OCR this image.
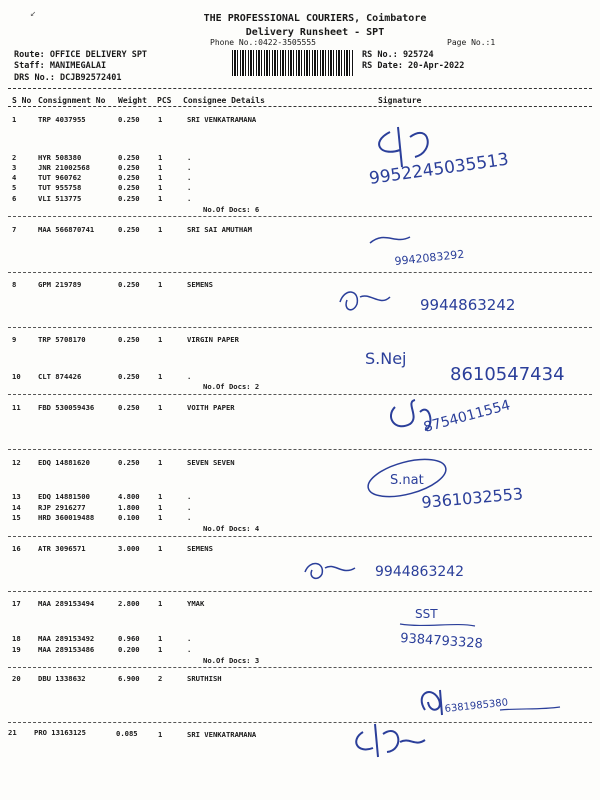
↙	THE PROFESSIONAL COURIERS, Coimbatore
Delivery Runsheet - SPT
Phone No.:0422-3505555	Page No.:1
Route: OFFICE DELIVERY SPT
Staff: MANIMEGALAI
DRS No.: DCJB92572401
RS No.: 925724
RS Date: 20-Apr-2022
S No Consignment No Weight PCS Consignee Details	Signature
1	TRP 4037955	0.250	1	SRI VENKATRAMANA
2	HYR 508380	0.250	1	.
3	JNR 21002568	0.250	1	.
4	TUT 960762	0.250	1	.
5	TUT 955758	0.250	1	.
6	VLI 513775	0.250	1	.
No.Of Docs: 6
7	MAA 566870741	0.250	1	SRI SAI AMUTHAM
8	GPM 219789	0.250	1	SEMENS
9	TRP 5708170	0.250	1	VIRGIN PAPER
10 CLT 874426	0.250	1	.
No.Of Docs: 2
11 FBD 530059436	0.250	1	VOITH PAPER
12 EDQ 14881620	0.250	1	SEVEN SEVEN
13 EDQ 14881500	4.800	1	.
14 RJP 2916277	1.800	1	.
15 HRD 360019488	0.100	1	.
No.Of Docs: 4
16 ATR 3096571	3.000	1	SEMENS
17 MAA 289153494	2.800	1	YMAK
18 MAA 289153492	0.960	1	.
19 MAA 289153486	0.200	1	.
No.Of Docs: 3
20 DBU 1338632	6.900	2	SRUTHISH
21 PRO 13163125	0.085	1	SRI VENKATRAMANA
9952245035513
9942083292
9944863242
S.Nej
8610547434
8754011554
S.nat
9361032553
9944863242
SST
9384793328
6381985380
